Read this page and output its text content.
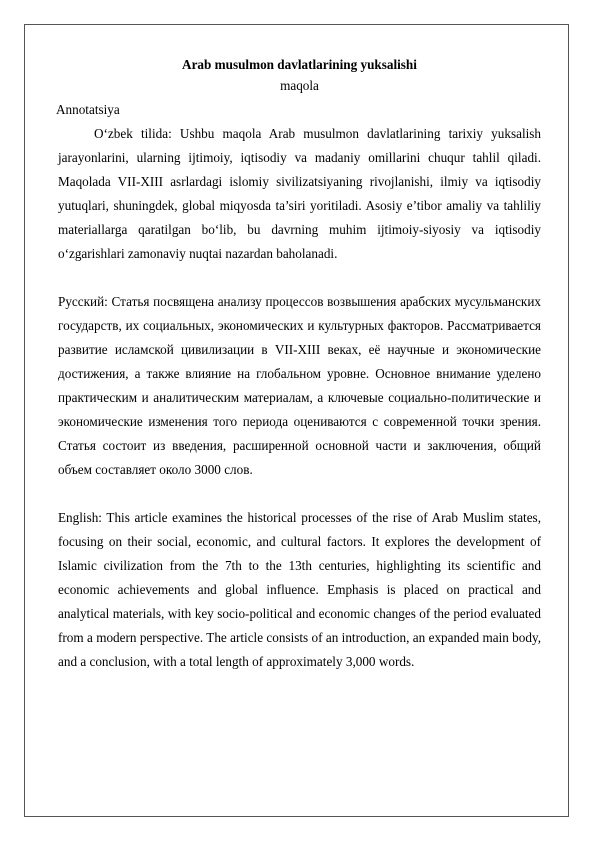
Arab musulmon davlatlarining yuksalishi

maqola

Annotatsiya

O‘zbek tilida: Ushbu maqola Arab musulmon davlatlarining tarixiy yuksalish jarayonlarini, ularning ijtimoiy, iqtisodiy va madaniy omillarini chuqur tahlil qiladi. Maqolada VII-XIII asrlardagi islomiy sivilizatsiyaning rivojlanishi, ilmiy va iqtisodiy yutuqlari, shuningdek, global miqyosda ta’siri yoritiladi. Asosiy e’tibor amaliy va tahliliy materiallarga qaratilgan bo‘lib, bu davrning muhim ijtimoiy-siyosiy va iqtisodiy o‘zgarishlari zamonaviy nuqtai nazardan baholanadi.

Русский: Статья посвящена анализу процессов возвышения арабских мусульманских государств, их социальных, экономических и культурных факторов. Рассматривается развитие исламской цивилизации в VII-XIII веках, её научные и экономические достижения, а также влияние на глобальном уровне. Основное внимание уделено практическим и аналитическим материалам, а ключевые социально-политические и экономические изменения того периода оцениваются с современной точки зрения. Статья состоит из введения, расширенной основной части и заключения, общий объем составляет около 3000 слов.

English: This article examines the historical processes of the rise of Arab Muslim states, focusing on their social, economic, and cultural factors. It explores the development of Islamic civilization from the 7th to the 13th centuries, highlighting its scientific and economic achievements and global influence. Emphasis is placed on practical and analytical materials, with key socio-political and economic changes of the period evaluated from a modern perspective. The article consists of an introduction, an expanded main body, and a conclusion, with a total length of approximately 3,000 words.
